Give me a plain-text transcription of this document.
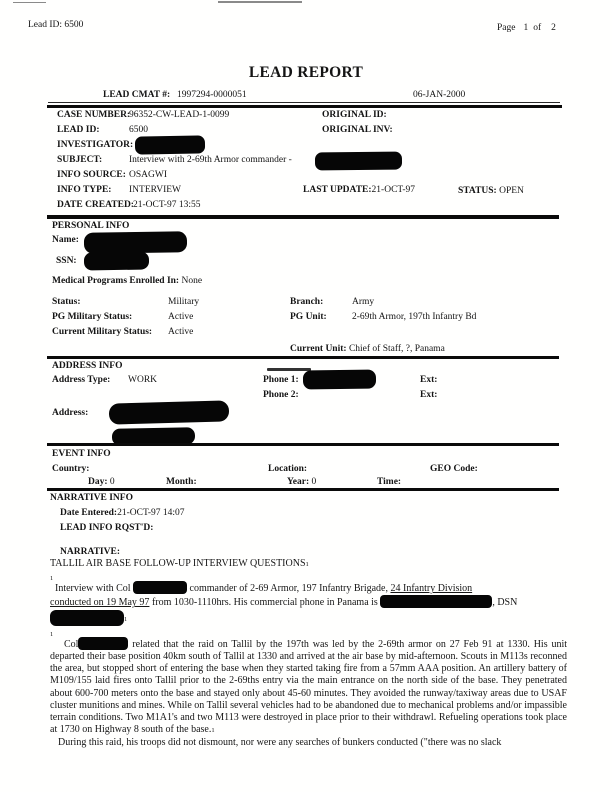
Lead ID: 6500	Page 1 of 2
LEAD REPORT
LEAD CMAT #: 1997294-0000051	06-JAN-2000
CASE NUMBER:96352-CW-LEAD-1-0099	ORIGINAL ID:
LEAD ID:	6500	ORIGINAL INV:
INVESTIGATOR:
SUBJECT:	Interview with 2-69th Armor commander -
INFO SOURCE: OSAGWI
INFO TYPE: INTERVIEW	LAST UPDATE:21-OCT-97	STATUS: OPEN
DATE CREATED:21-OCT-97 13:55
PERSONAL INFO
Name:
SSN:
Medical Programs Enrolled In: None
Status:	Military	Branch:	Army
PG Military Status:	Active	PG Unit:	2-69th Armor, 197th Infantry Bd
Current Military Status: Active
Current Unit: Chief of Staff, ?, Panama
ADDRESS INFO
Address Type: WORK	Phone 1:	Ext:
Phone 2:	Ext:
Address:
EVENT INFO
Country:	Location:	GEO Code:
Day: 0	Month:	Year: 0	Time:
NARRATIVE INFO
Date Entered:21-OCT-97 14:07
LEAD INFO RQST'D:
NARRATIVE:

TALLIL AIR BASE FOLLOW-UP INTERVIEW QUESTIONS1

1

Interview with Col	commander of 2-69 Armor, 197 Infantry Brigade, 24 Infantry Division
conducted on 19 May 97 from 1030-1110hrs. His commercial phone in Panama is	, DSN
1

1

Col	related that the raid on Tallil by the 197th was led by the 2-69th armor on 27 Feb 91 at 1330. His unit departed their base position 40km south of Tallil at 1330 and arrived at the air base by mid-afternoon. Scouts in M113s reconned the area, but stopped short of entering the base when they started taking fire from a 57mm AAA position. An artillery battery of M109/155 laid fires onto Tallil prior to the 2-69ths entry via the main entrance on the north side of the base. They penetrated about 600-700 meters onto the base and stayed only about 45-60 minutes. They avoided the runway/taxiway areas due to USAF cluster munitions and mines. While on Tallil several vehicles had to be abandoned due to mechanical problems and/or impassible terrain conditions. Two M1A1's and two M113 were destroyed in place prior to their withdrawl. Refueling operations took place at 1730 on Highway 8 south of the base.1

During this raid, his troops did not dismount, nor were any searches of bunkers conducted ("there was no slack
